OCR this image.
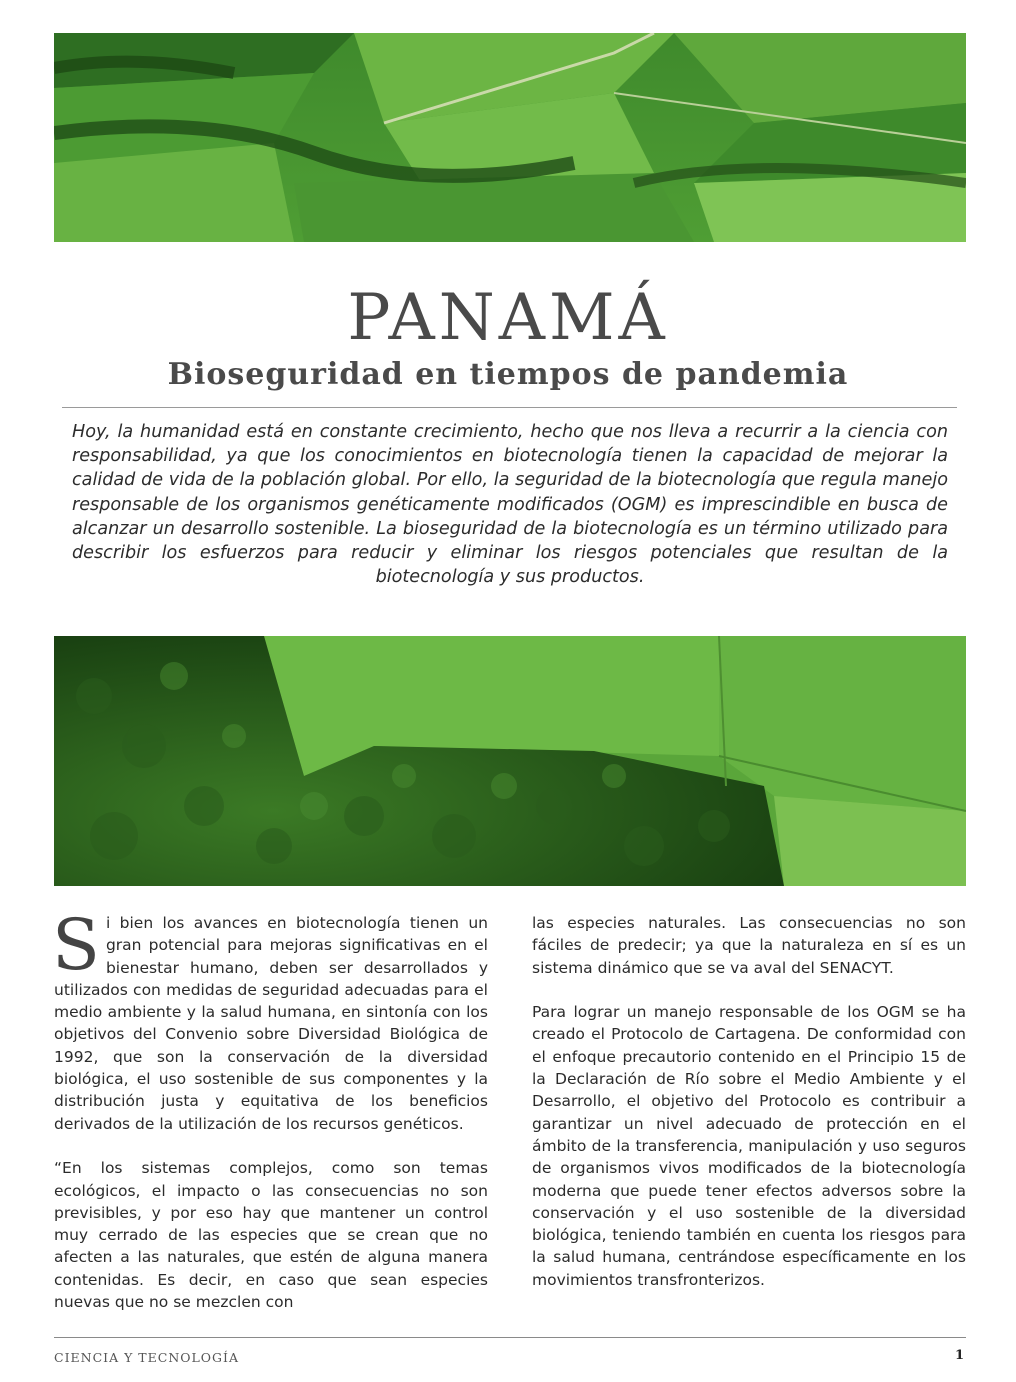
PANAMÁ
Bioseguridad en tiempos de pandemia

Hoy, la humanidad está en constante crecimiento, hecho que nos lleva a recurrir a la ciencia con responsabilidad, ya que los conocimientos en biotecnología tienen la capacidad de mejorar la calidad de vida de la población global. Por ello, la seguridad de la biotecnología que regula manejo responsable de los organismos genéticamente modificados (OGM) es imprescindible en busca de alcanzar un desarrollo sostenible. La bioseguridad de la biotecnología es un término utilizado para describir los esfuerzos para reducir y eliminar los riesgos potenciales que resultan de la biotecnología y sus productos.

Si bien los avances en biotecnología tienen un gran potencial para mejoras significativas en el bienestar humano, deben ser desarrollados y utilizados con medidas de seguridad adecuadas para el medio ambiente y la salud humana, en sintonía con los objetivos del Convenio sobre Diversidad Biológica de 1992, que son la conservación de la diversidad biológica, el uso sostenible de sus componentes y la distribución justa y equitativa de los beneficios derivados de la utilización de los recursos genéticos.

“En los sistemas complejos, como son temas ecológicos, el impacto o las consecuencias no son previsibles, y por eso hay que mantener un control muy cerrado de las especies que se crean que no afecten a las naturales, que estén de alguna manera contenidas. Es decir, en caso que sean especies nuevas que no se mezclen con

las especies naturales. Las consecuencias no son fáciles de predecir; ya que la naturaleza en sí es un sistema dinámico que se va aval del SENACYT.

Para lograr un manejo responsable de los OGM se ha creado el Protocolo de Cartagena. De conformidad con el enfoque precautorio contenido en el Principio 15 de la Declaración de Río sobre el Medio Ambiente y el Desarrollo, el objetivo del Protocolo es contribuir a garantizar un nivel adecuado de protección en el ámbito de la transferencia, manipulación y uso seguros de organismos vivos modificados de la biotecnología moderna que puede tener efectos adversos sobre la conservación y el uso sostenible de la diversidad biológica, teniendo también en cuenta los riesgos para la salud humana, centrándose específicamente en los movimientos transfronterizos.

CIENCIA Y TECNOLOGÍA	1
